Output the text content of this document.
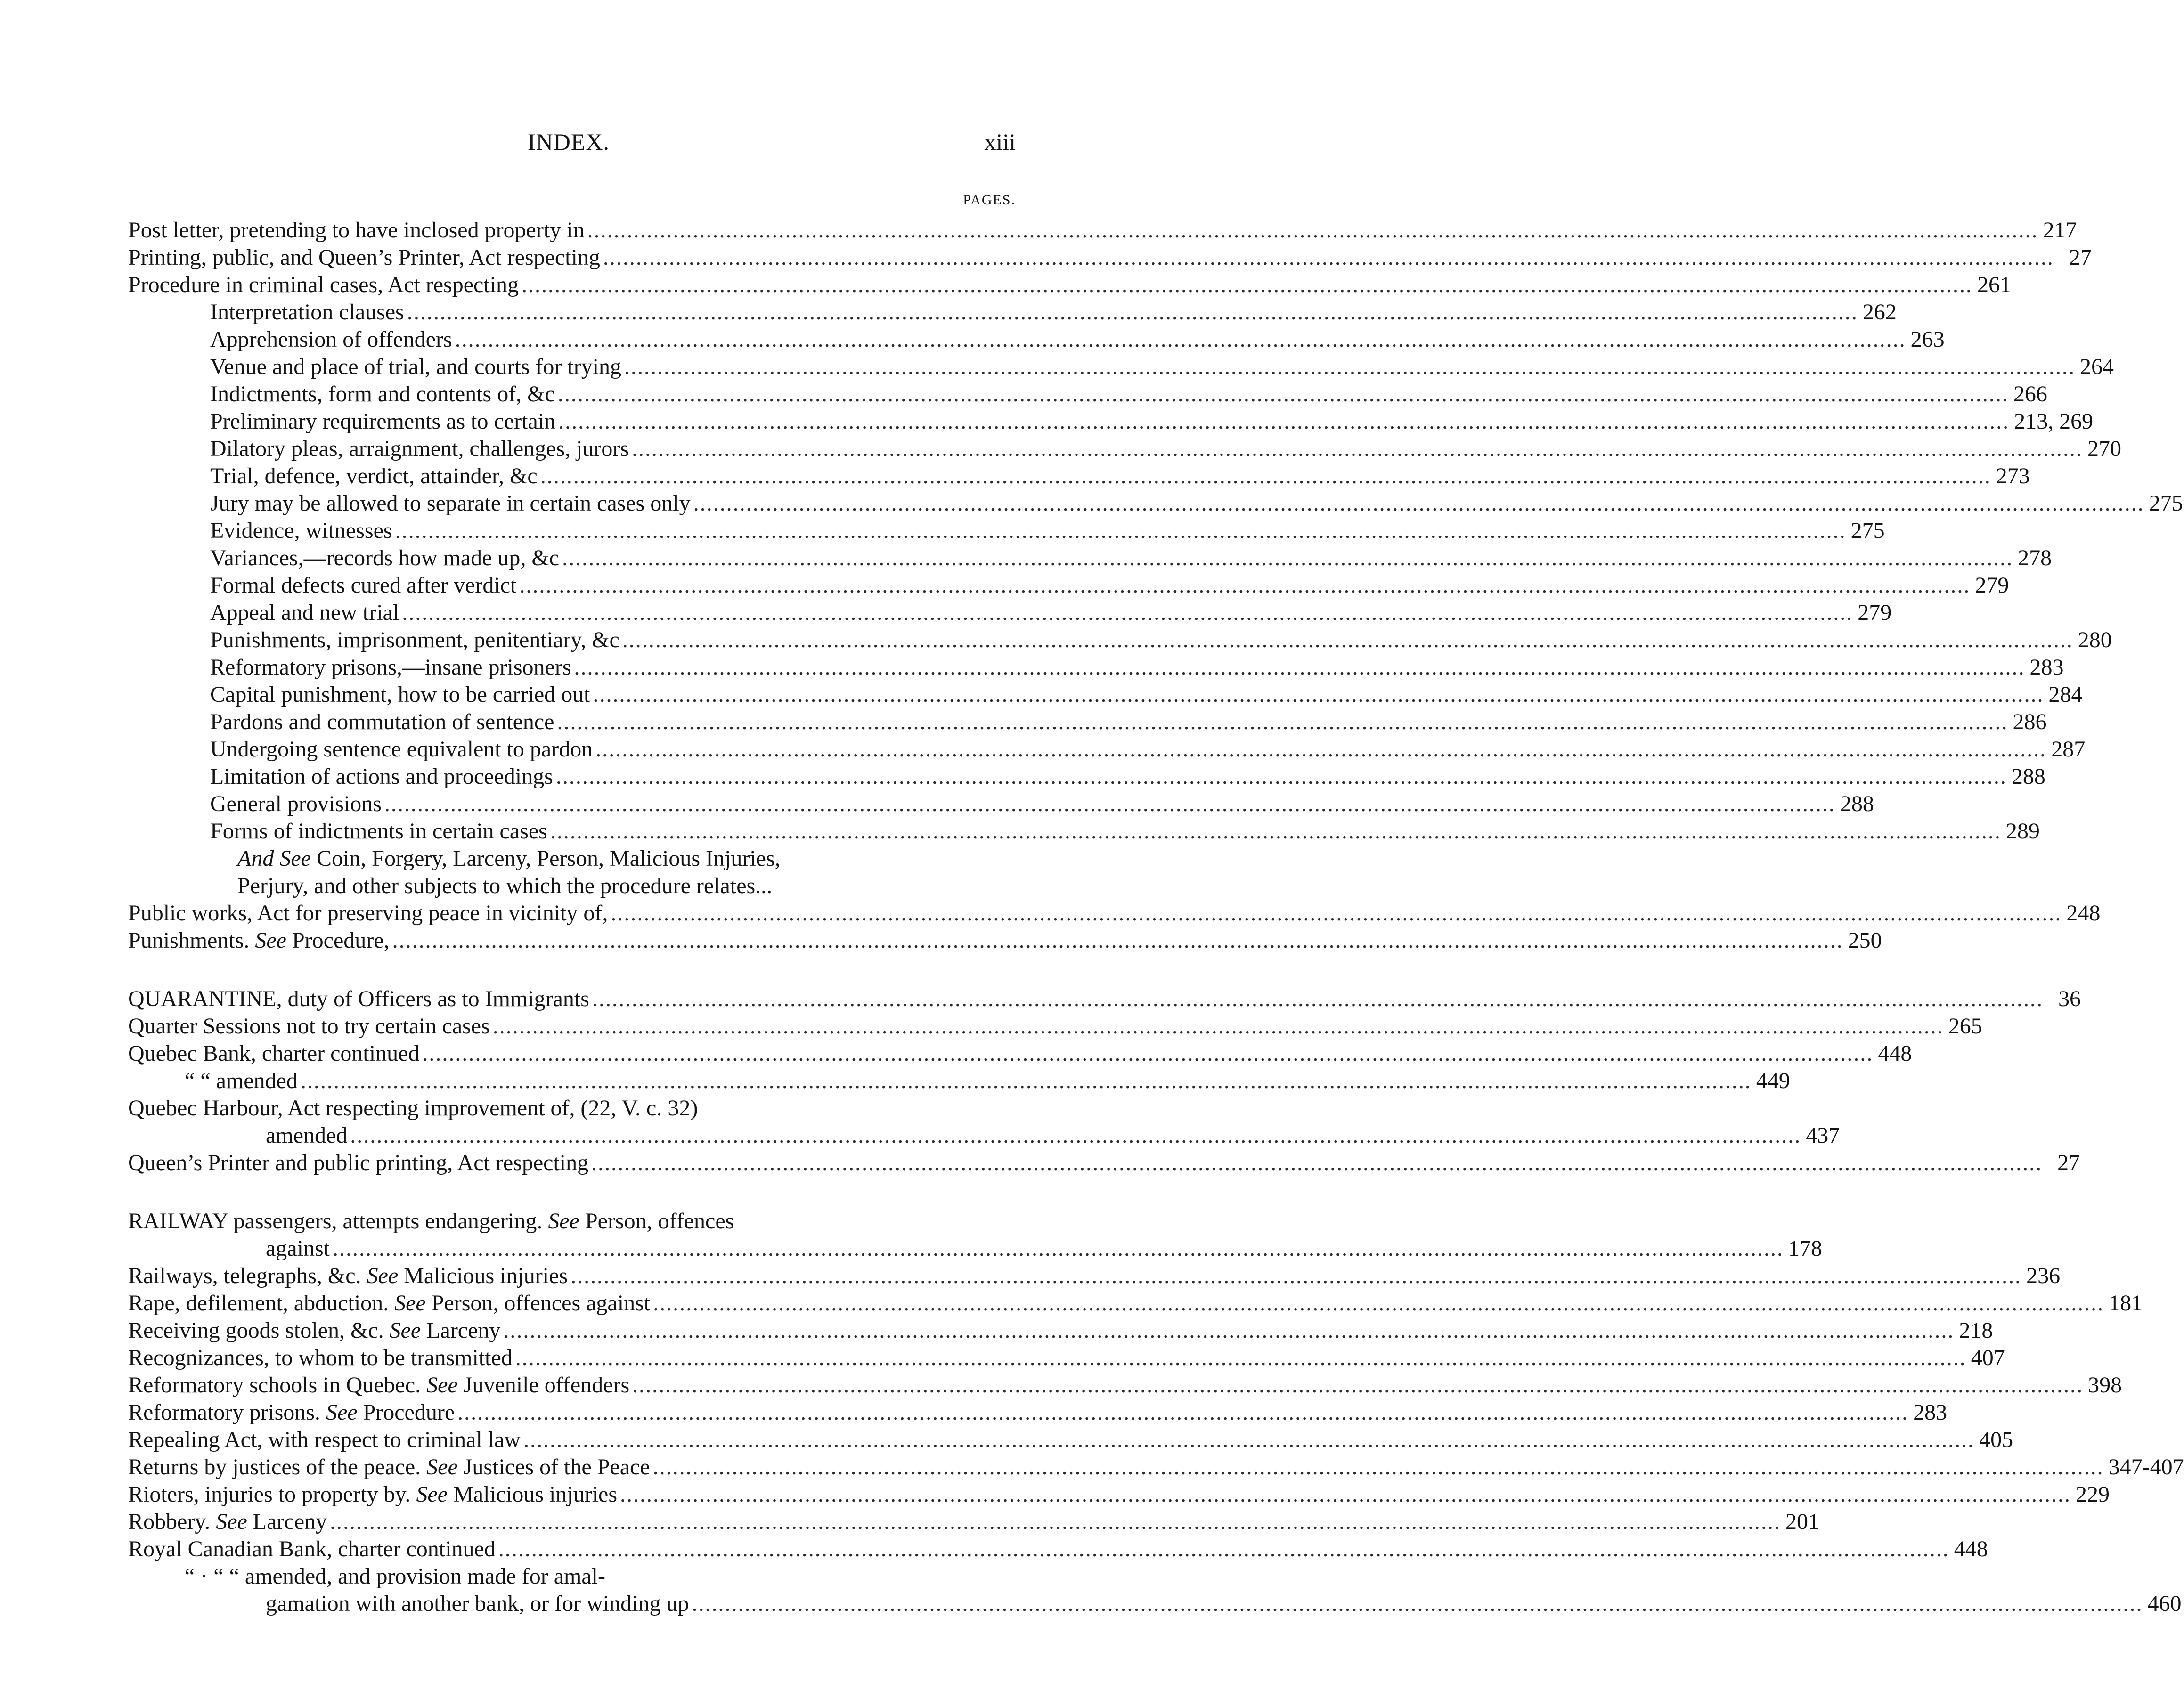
INDEX.	xiii
PAGES.
Post letter, pretending to have inclosed property in ............................................................................................................................................................................................................................ 217
Printing, public, and Queen’s Printer, Act respecting ............................................................................................................................................................................................................................ 27
Procedure in criminal cases, Act respecting ............................................................................................................................................................................................................................ 261
Interpretation clauses ............................................................................................................................................................................................................................ 262
Apprehension of offenders ............................................................................................................................................................................................................................ 263
Venue and place of trial, and courts for trying ............................................................................................................................................................................................................................ 264
Indictments, form and contents of, &c ............................................................................................................................................................................................................................ 266
Preliminary requirements as to certain ............................................................................................................................................................................................................................ 213, 269
Dilatory pleas, arraignment, challenges, jurors ............................................................................................................................................................................................................................ 270
Trial, defence, verdict, attainder, &c ............................................................................................................................................................................................................................ 273
Jury may be allowed to separate in certain cases only ............................................................................................................................................................................................................................ 275
Evidence, witnesses ............................................................................................................................................................................................................................ 275
Variances,—records how made up, &c ............................................................................................................................................................................................................................ 278
Formal defects cured after verdict ............................................................................................................................................................................................................................ 279
Appeal and new trial ............................................................................................................................................................................................................................ 279
Punishments, imprisonment, penitentiary, &c ............................................................................................................................................................................................................................ 280
Reformatory prisons,—insane prisoners ............................................................................................................................................................................................................................ 283
Capital punishment, how to be carried out ............................................................................................................................................................................................................................ 284
Pardons and commutation of sentence ............................................................................................................................................................................................................................ 286
Undergoing sentence equivalent to pardon ............................................................................................................................................................................................................................ 287
Limitation of actions and proceedings ............................................................................................................................................................................................................................ 288
General provisions ............................................................................................................................................................................................................................ 288
Forms of indictments in certain cases ............................................................................................................................................................................................................................ 289
And See Coin, Forgery, Larceny, Person, Malicious Injuries,
Perjury, and other subjects to which the procedure relates...
Public works, Act for preserving peace in vicinity of, ............................................................................................................................................................................................................................ 248
Punishments. See Procedure, ............................................................................................................................................................................................................................ 250
QUARANTINE, duty of Officers as to Immigrants ............................................................................................................................................................................................................................ 36
Quarter Sessions not to try certain cases ............................................................................................................................................................................................................................ 265
Quebec Bank, charter continued ............................................................................................................................................................................................................................ 448
“ “ amended ............................................................................................................................................................................................................................ 449
Quebec Harbour, Act respecting improvement of, (22, V. c. 32)
amended ............................................................................................................................................................................................................................ 437
Queen’s Printer and public printing, Act respecting ............................................................................................................................................................................................................................ 27
RAILWAY passengers, attempts endangering. See Person, offences
against ............................................................................................................................................................................................................................ 178
Railways, telegraphs, &c. See Malicious injuries ............................................................................................................................................................................................................................ 236
Rape, defilement, abduction. See Person, offences against ............................................................................................................................................................................................................................ 181
Receiving goods stolen, &c. See Larceny ............................................................................................................................................................................................................................ 218
Recognizances, to whom to be transmitted ............................................................................................................................................................................................................................ 407
Reformatory schools in Quebec. See Juvenile offenders ............................................................................................................................................................................................................................ 398
Reformatory prisons. See Procedure ............................................................................................................................................................................................................................ 283
Repealing Act, with respect to criminal law ............................................................................................................................................................................................................................ 405
Returns by justices of the peace. See Justices of the Peace ............................................................................................................................................................................................................................ 347-407
Rioters, injuries to property by. See Malicious injuries ............................................................................................................................................................................................................................ 229
Robbery. See Larceny ............................................................................................................................................................................................................................ 201
Royal Canadian Bank, charter continued ............................................................................................................................................................................................................................ 448
“ · “ “ amended, and provision made for amal-
gamation with another bank, or for winding up ............................................................................................................................................................................................................................ 460
